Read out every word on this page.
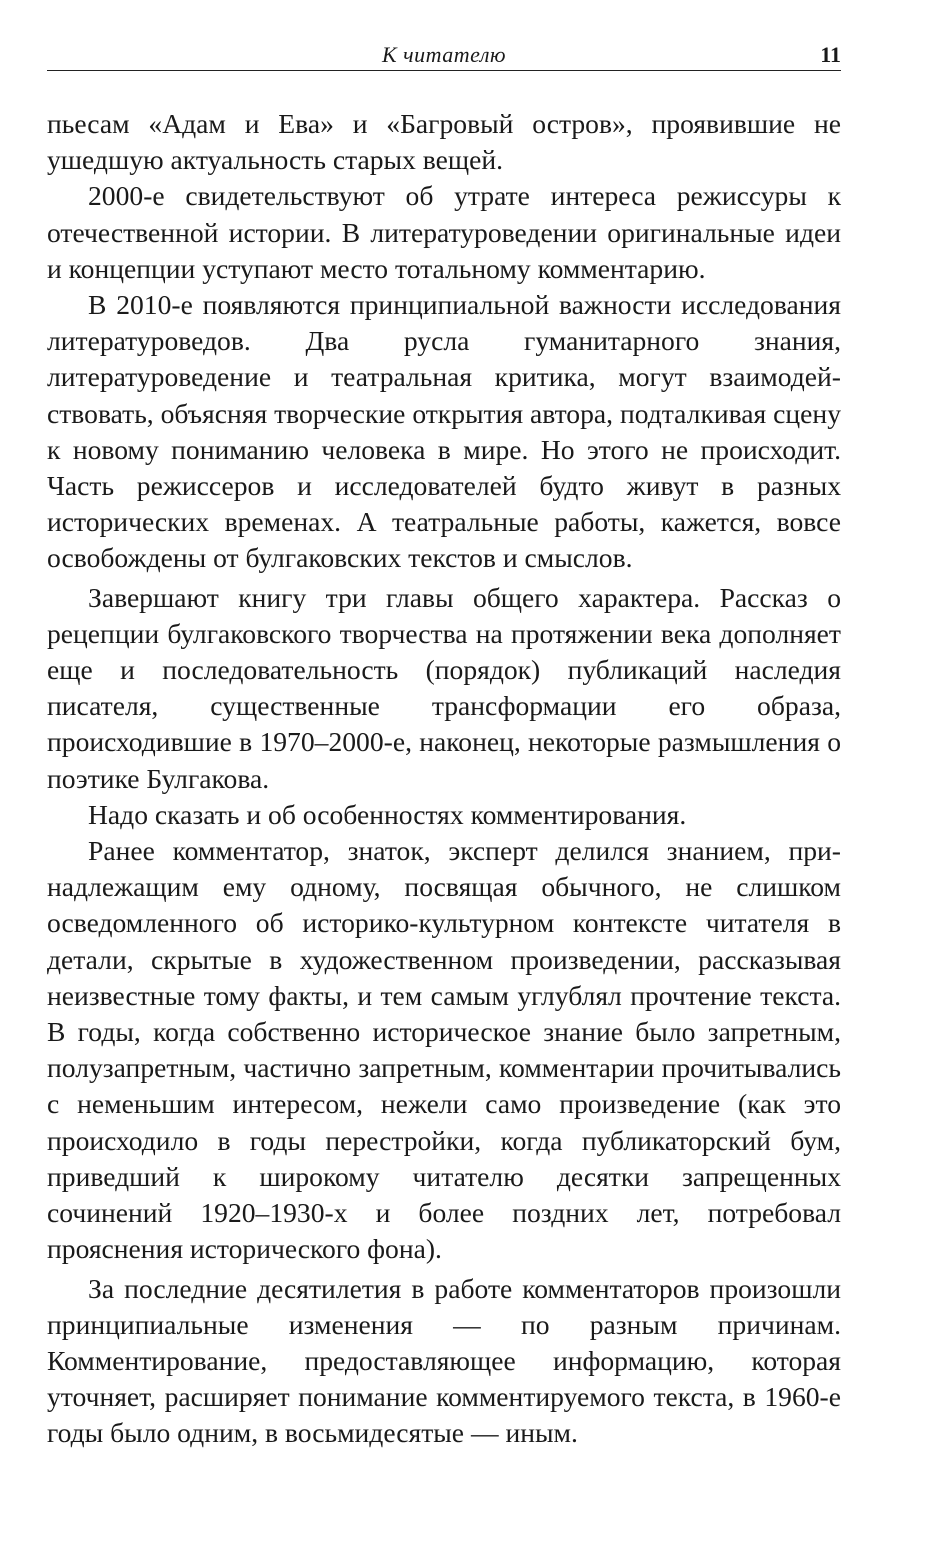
К читателю	11

пьесам «Адам и Ева» и «Багровый остров», проявившие не ушедшую актуальность старых вещей.

2000-е свидетельствуют об утрате интереса режиссуры к отечественной истории. В литературоведении оригинальные идеи и концепции уступают место тотальному комментарию.

В 2010-е появляются принципиальной важности исследования литературоведов. Два русла гуманитарного знания, литературоведение и театральная критика, могут взаимодействовать, объясняя творческие открытия автора, подталкивая сцену к новому пониманию человека в мире. Но этого не происходит. Часть режиссеров и исследователей будто живут в разных исторических временах. А театральные работы, кажется, вовсе освобождены от булгаковских текстов и смыслов.

Завершают книгу три главы общего характера. Рассказ о рецепции булгаковского творчества на протяжении века дополняет еще и последовательность (порядок) публикаций наследия писателя, существенные трансформации его образа, происходившие в 1970–2000-е, наконец, некоторые размышления о поэтике Булгакова.

Надо сказать и об особенностях комментирования.

Ранее комментатор, знаток, эксперт делился знанием, принадлежащим ему одному, посвящая обычного, не слишком осведомленного об историко-культурном контексте читателя в детали, скрытые в художественном произведении, рассказывая неизвестные тому факты, и тем самым углублял прочтение текста. В годы, когда собственно историческое знание было запретным, полузапретным, частично запретным, комментарии прочитывались с неменьшим интересом, нежели само произведение (как это происходило в годы перестройки, когда публикаторский бум, приведший к широкому читателю десятки запрещенных сочинений 1920–1930-х и более поздних лет, потребовал прояснения исторического фона).

За последние десятилетия в работе комментаторов произошли принципиальные изменения — по разным причинам. Комментирование, предоставляющее информацию, которая уточняет, расширяет понимание комментируемого текста, в 1960-е годы было одним, в восьмидесятые — иным.
